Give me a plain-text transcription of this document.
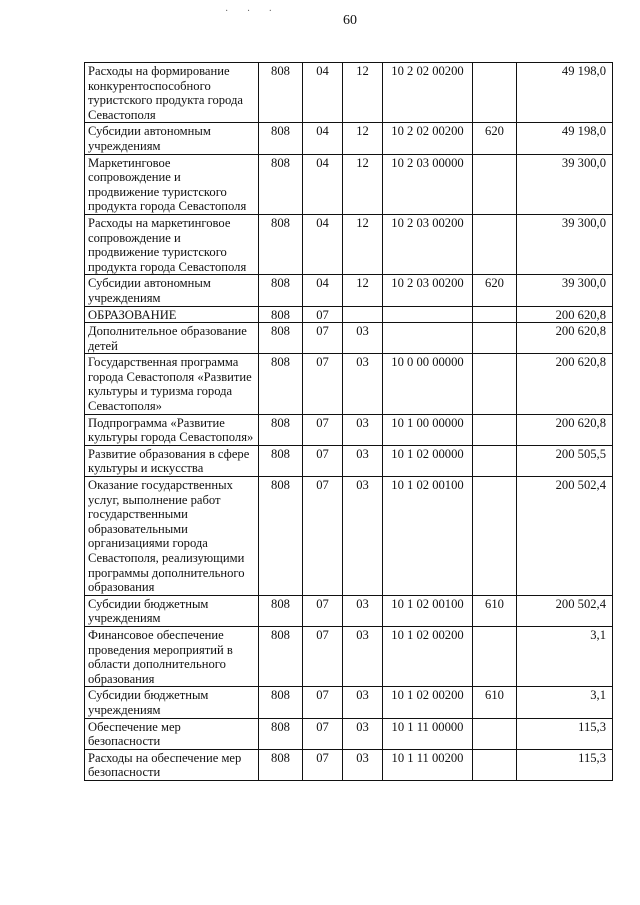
60
· · ·
Расходы на формирование конкурентоспособного туристского продукта города Севастополя	808	04	12	10 2 02 00200		49 198,0
Субсидии автономным учреждениям	808	04	12	10 2 02 00200	620	49 198,0
Маркетинговое сопровождение и продвижение туристского продукта города Севастополя	808	04	12	10 2 03 00000		39 300,0
Расходы на маркетинговое сопровождение и продвижение туристского продукта города Севастополя	808	04	12	10 2 03 00200		39 300,0
Субсидии автономным учреждениям	808	04	12	10 2 03 00200	620	39 300,0
ОБРАЗОВАНИЕ	808	07				200 620,8
Дополнительное образование детей	808	07	03			200 620,8
Государственная программа города Севастополя «Развитие культуры и туризма города Севастополя»	808	07	03	10 0 00 00000		200 620,8
Подпрограмма «Развитие культуры города Севастополя»	808	07	03	10 1 00 00000		200 620,8
Развитие образования в сфере культуры и искусства	808	07	03	10 1 02 00000		200 505,5
Оказание государственных услуг, выполнение работ государственными образовательными организациями города Севастополя, реализующими программы дополнительного образования	808	07	03	10 1 02 00100		200 502,4
Субсидии бюджетным учреждениям	808	07	03	10 1 02 00100	610	200 502,4
Финансовое обеспечение проведения мероприятий в области дополнительного образования	808	07	03	10 1 02 00200		3,1
Субсидии бюджетным учреждениям	808	07	03	10 1 02 00200	610	3,1
Обеспечение мер безопасности	808	07	03	10 1 11 00000		115,3
Расходы на обеспечение мер безопасности	808	07	03	10 1 11 00200		115,3
